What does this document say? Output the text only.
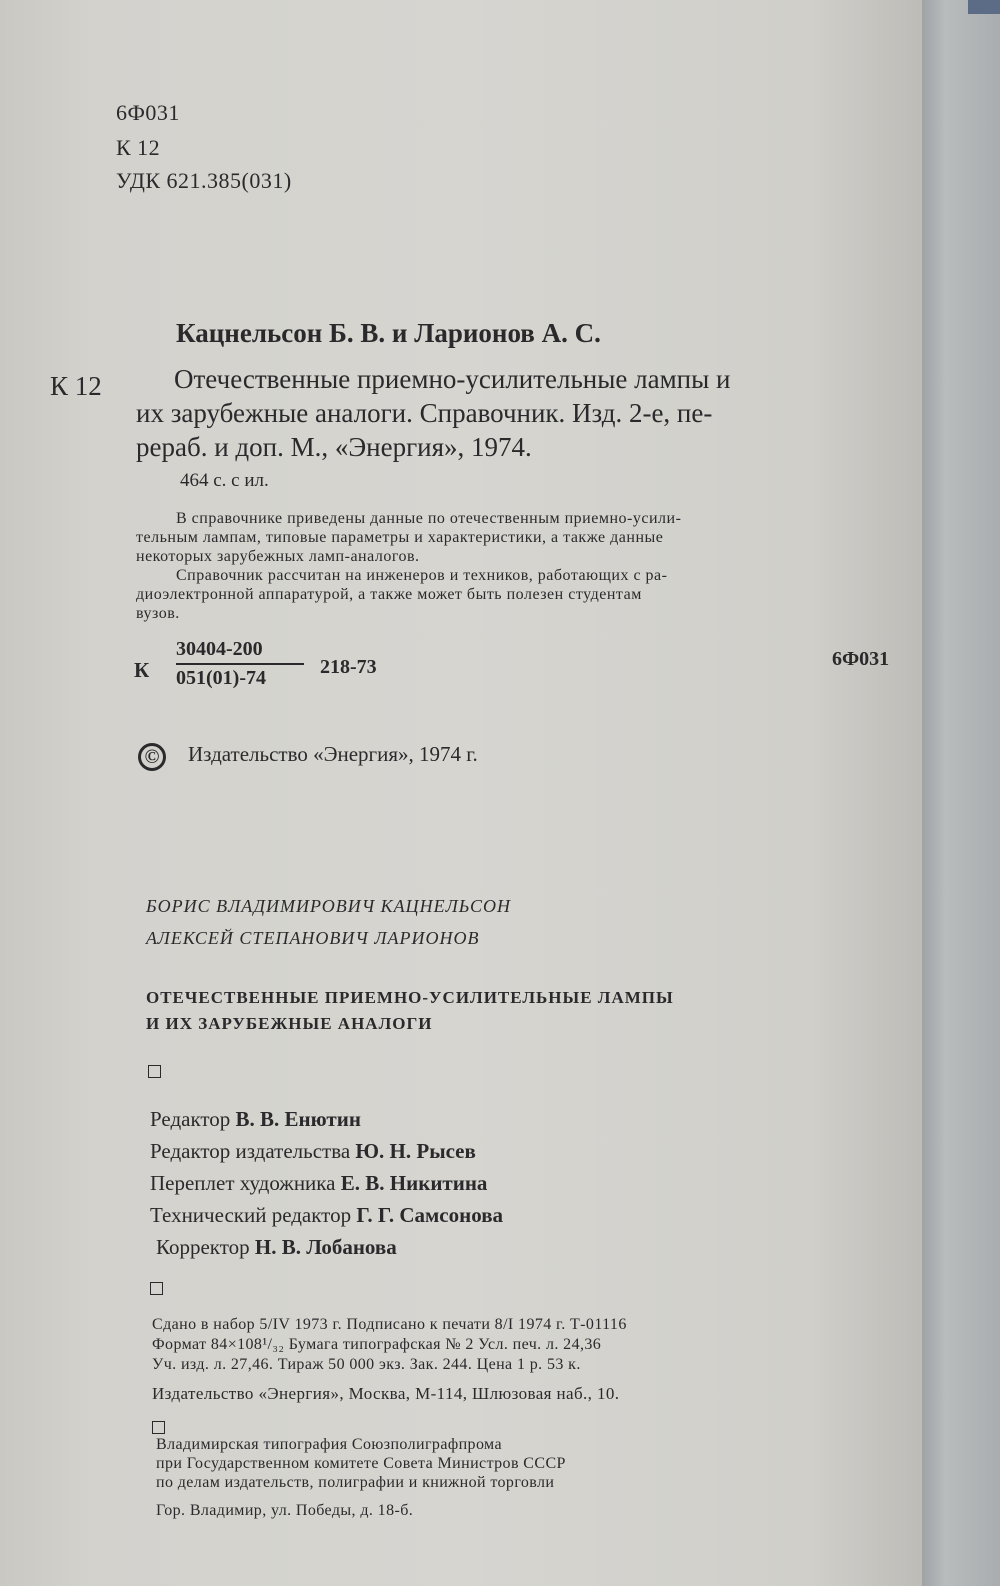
6Ф031
К 12
УДК 621.385(031)
Кацнельсон Б. В. и Ларионов А. С.
К 12	Отечественные приемно-усилительные лампы и
их зарубежные аналоги. Справочник. Изд. 2-е, пе-
рераб. и доп. М., «Энергия», 1974.
464 с. с ил.
В справочнике приведены данные по отечественным приемно-усили-
тельным лампам, типовые параметры и характеристики, а также данные
некоторых зарубежных ламп-аналогов.
Справочник рассчитан на инженеров и техников, работающих с ра-
диоэлектронной аппаратурой, а также может быть полезен студентам
вузов.
К
30404-200
051(01)-74	218-73	6Ф031
©	Издательство «Энергия», 1974 г.
БОРИС ВЛАДИМИРОВИЧ КАЦНЕЛЬСОН
АЛЕКСЕЙ СТЕПАНОВИЧ ЛАРИОНОВ
ОТЕЧЕСТВЕННЫЕ ПРИЕМНО-УСИЛИТЕЛЬНЫЕ ЛАМПЫ
И ИХ ЗАРУБЕЖНЫЕ АНАЛОГИ
Редактор В. В. Енютин
Редактор издательства Ю. Н. Рысев
Переплет художника Е. В. Никитина
Технический редактор Г. Г. Самсонова
Корректор Н. В. Лобанова
Сдано в набор 5/IV 1973 г. Подписано к печати 8/I 1974 г. Т-01116
Формат 84×108¹/₃₂ Бумага типографская № 2 Усл. печ. л. 24,36
Уч. изд. л. 27,46. Тираж 50 000 экз. Зак. 244. Цена 1 р. 53 к.
Издательство «Энергия», Москва, М-114, Шлюзовая наб., 10.
Владимирская типография Союзполиграфпрома
при Государственном комитете Совета Министров СССР
по делам издательств, полиграфии и книжной торговли
Гор. Владимир, ул. Победы, д. 18-б.
